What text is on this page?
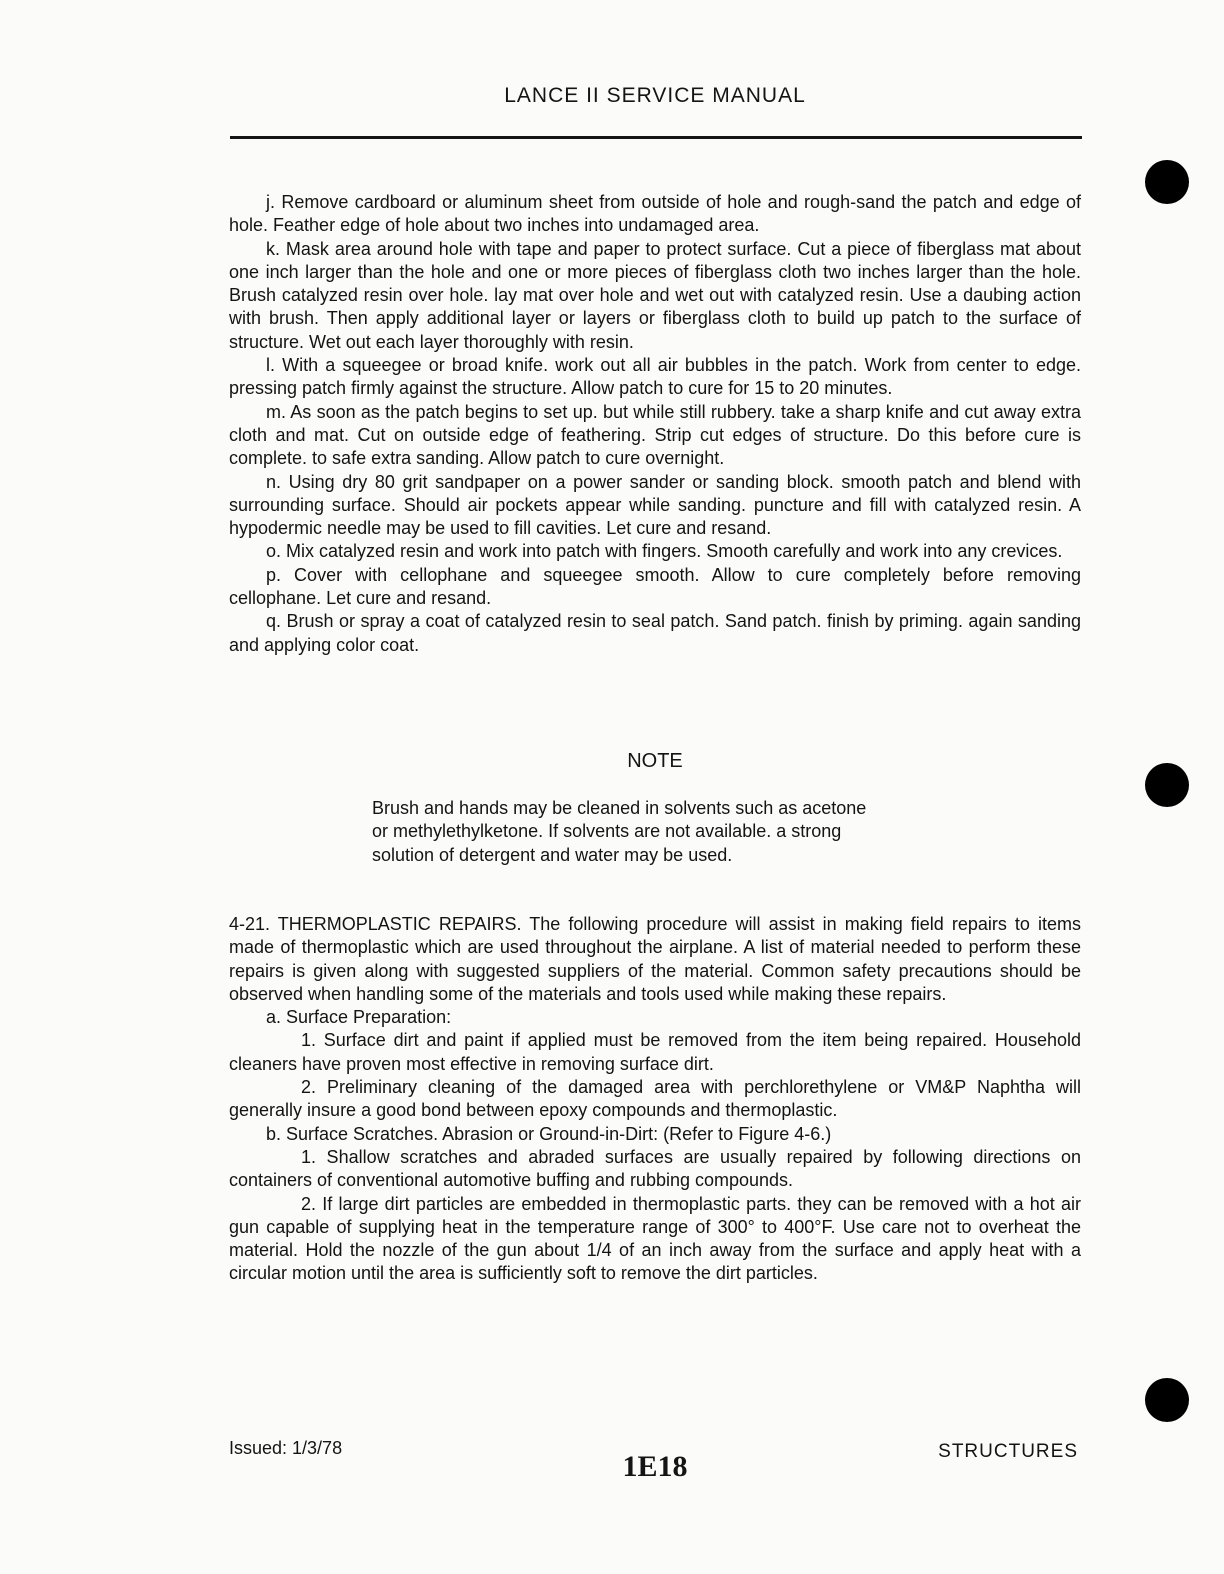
LANCE II SERVICE MANUAL

j. Remove cardboard or aluminum sheet from outside of hole and rough-sand the patch and edge of hole. Feather edge of hole about two inches into undamaged area.

k. Mask area around hole with tape and paper to protect surface. Cut a piece of fiberglass mat about one inch larger than the hole and one or more pieces of fiberglass cloth two inches larger than the hole. Brush catalyzed resin over hole. lay mat over hole and wet out with catalyzed resin. Use a daubing action with brush. Then apply additional layer or layers or fiberglass cloth to build up patch to the surface of structure. Wet out each layer thoroughly with resin.

l. With a squeegee or broad knife. work out all air bubbles in the patch. Work from center to edge. pressing patch firmly against the structure. Allow patch to cure for 15 to 20 minutes.

m. As soon as the patch begins to set up. but while still rubbery. take a sharp knife and cut away extra cloth and mat. Cut on outside edge of feathering. Strip cut edges of structure. Do this before cure is complete. to safe extra sanding. Allow patch to cure overnight.

n. Using dry 80 grit sandpaper on a power sander or sanding block. smooth patch and blend with surrounding surface. Should air pockets appear while sanding. puncture and fill with catalyzed resin. A hypodermic needle may be used to fill cavities. Let cure and resand.

o. Mix catalyzed resin and work into patch with fingers. Smooth carefully and work into any crevices.

p. Cover with cellophane and squeegee smooth. Allow to cure completely before removing cellophane. Let cure and resand.

q. Brush or spray a coat of catalyzed resin to seal patch. Sand patch. finish by priming. again sanding and applying color coat.

NOTE

Brush and hands may be cleaned in solvents such as acetone

or methylethylketone. If solvents are not available. a strong

solution of detergent and water may be used.

4-21. THERMOPLASTIC REPAIRS. The following procedure will assist in making field repairs to items made of thermoplastic which are used throughout the airplane. A list of material needed to perform these repairs is given along with suggested suppliers of the material. Common safety precautions should be observed when handling some of the materials and tools used while making these repairs.

a. Surface Preparation:

1. Surface dirt and paint if applied must be removed from the item being repaired. Household cleaners have proven most effective in removing surface dirt.

2. Preliminary cleaning of the damaged area with perchlorethylene or VM&P Naphtha will generally insure a good bond between epoxy compounds and thermoplastic.

b. Surface Scratches. Abrasion or Ground-in-Dirt: (Refer to Figure 4-6.)

1. Shallow scratches and abraded surfaces are usually repaired by following directions on containers of conventional automotive buffing and rubbing compounds.

2. If large dirt particles are embedded in thermoplastic parts. they can be removed with a hot air gun capable of supplying heat in the temperature range of 300° to 400°F. Use care not to overheat the material. Hold the nozzle of the gun about 1/4 of an inch away from the surface and apply heat with a circular motion until the area is sufficiently soft to remove the dirt particles.

Issued: 1/3/78
1E18	STRUCTURES
